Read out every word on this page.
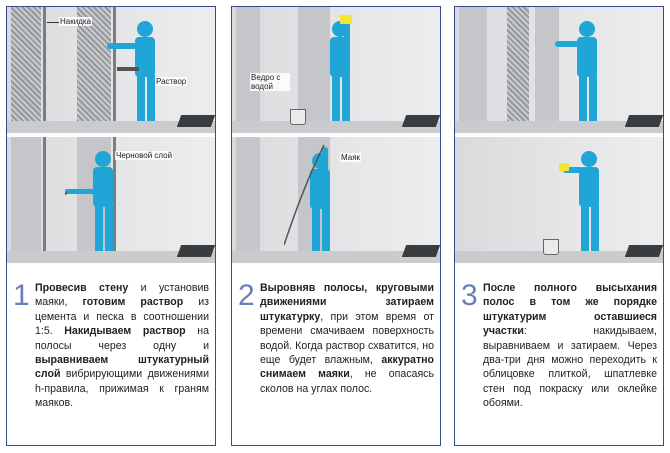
Накидка
Раствор
Черновой слой
1 Провесив стену и установив маяки, готовим раствор из цемента и песка в соотношении 1:5. Накидываем раствор на полосы через одну и выравниваем штукатурный слой вибрирующими движениями h-правила, прижимая к граням маяков.
Ведро с водой
Маяк
2 Выровняв полосы, круговыми движениями затираем штукатурку, при этом время от времени смачиваем поверхность водой. Когда раствор схватится, но еще будет влажным, аккуратно снимаем маяки, не опасаясь сколов на углах полос.
3 После полного высыхания полос в том же порядке штукатурим оставшиеся участки: накидываем, выравниваем и затираем. Через два-три дня можно переходить к облицовке плиткой, шпатлевке стен под покраску или оклейке обоями.
